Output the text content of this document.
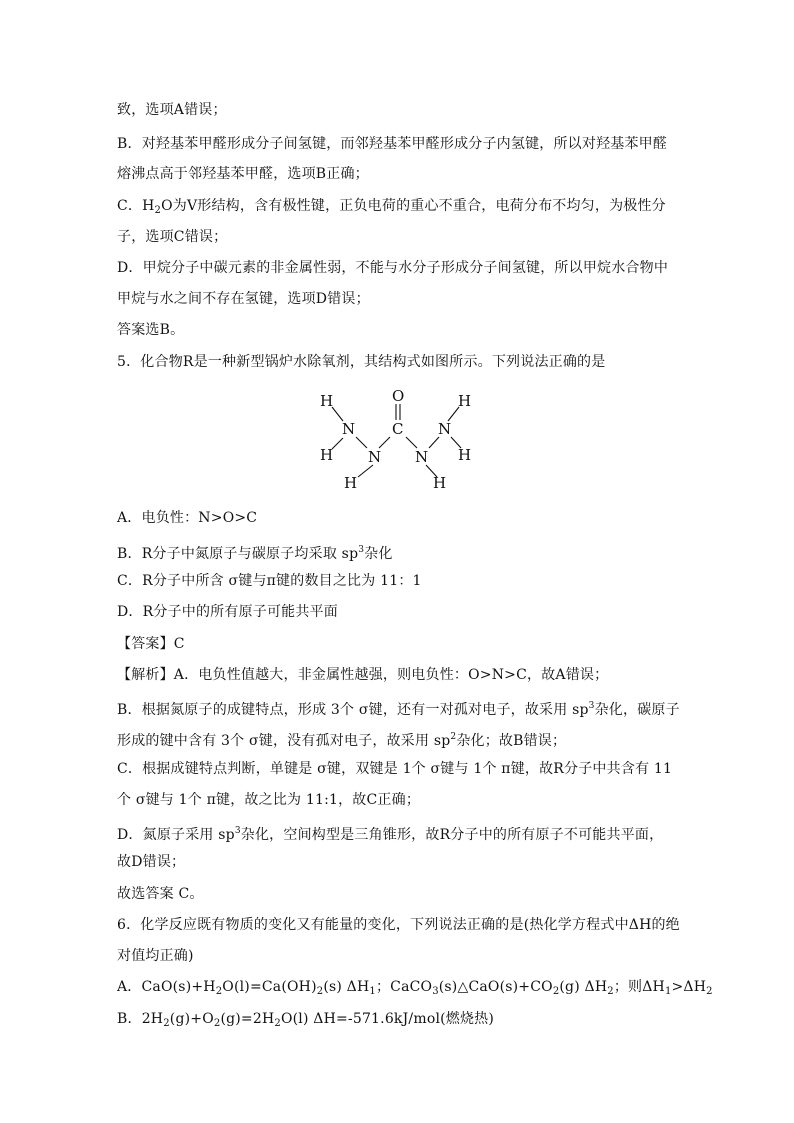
致，选项A错误；
B．对羟基苯甲醛形成分子间氢键，而邻羟基苯甲醛形成分子内氢键，所以对羟基苯甲醛
熔沸点高于邻羟基苯甲醛，选项B正确；
C．$H_2O$为V形结构，含有极性键，正负电荷的重心不重合，电荷分布不均匀，为极性分
子，选项C错误；
D．甲烷分子中碳元素的非金属性弱，不能与水分子形成分子间氢键，所以甲烷水合物中
甲烷与水之间不存在氢键，选项D错误；
答案选B。
5．化合物R是一种新型锅炉水除氧剂，其结构式如图所示。下列说法正确的是
O
C
H
N
H N
H
N
H
N
H
H
A．电负性：N>O>C
B．R分子中氮原子与碳原子均采取 $sp^3$杂化
C．R分子中所含 σ键与π键的数目之比为 11：1
D．R分子中的所有原子可能共平面
【答案】C
【解析】A．电负性值越大，非金属性越强，则电负性：O>N>C，故A错误；
B．根据氮原子的成键特点，形成 3个 σ键，还有一对孤对电子，故采用 $sp^3$杂化，碳原子
形成的键中含有 3个 σ键，没有孤对电子，故采用 $sp^2$杂化；故B错误；
C．根据成键特点判断，单键是 σ键，双键是 1个 σ键与 1个 π键，故R分子中共含有 11
个 σ键与 1个 π键，故之比为 11:1，故C正确；
D．氮原子采用 $sp^3$杂化，空间构型是三角锥形，故R分子中的所有原子不可能共平面，
故D错误；
故选答案 C。
6．化学反应既有物质的变化又有能量的变化，下列说法正确的是(热化学方程式中ΔH的绝
对值均正确)
A．$CaO(s)+H_2O(l)=Ca(OH)_2(s)$ $\Delta H_1$；$CaCO_3(s)\triangle CaO(s)+CO_2(g)$ $\Delta H_2$；则$\Delta H_1>\Delta H_2$
B．$2H_2(g)+O_2(g)=2H_2O(l)$ ΔH=-571.6kJ/mol(燃烧热)
